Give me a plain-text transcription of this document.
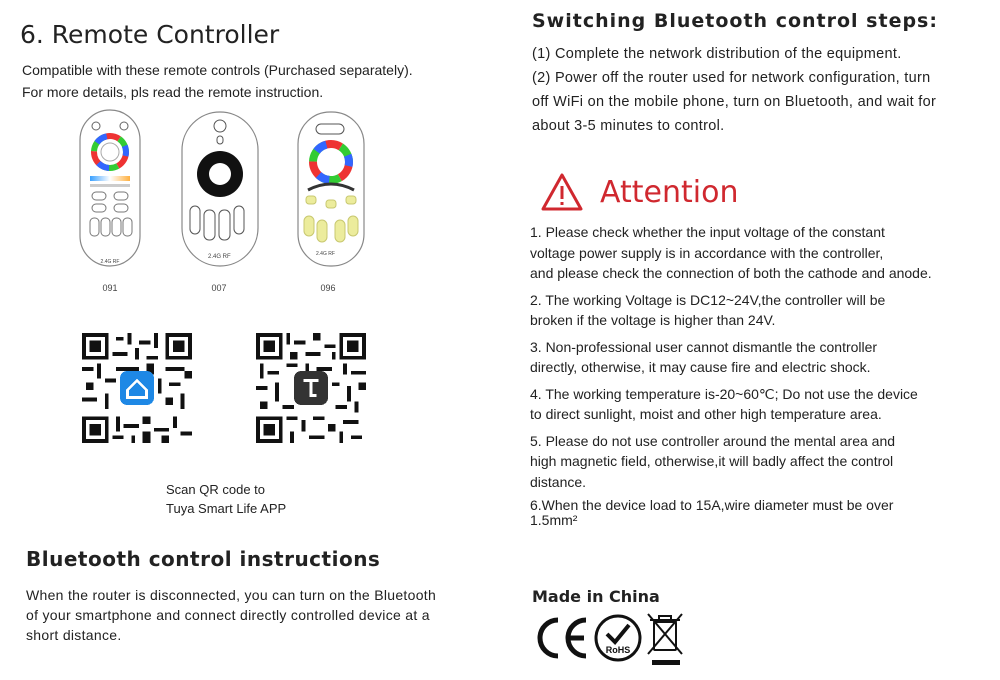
6. Remote Controller
Compatible with these remote controls (Purchased separately).
For more details, pls read the remote instruction.
2.4G RF
091
2.4G RF
007
2.4G RF
096
Scan QR code to
Tuya Smart Life APP
Bluetooth control instructions
When the router is disconnected, you can turn on the Bluetooth
of your smartphone and connect directly controlled device at a
short distance.
Switching Bluetooth control steps:
(1) Complete the network distribution of the equipment.
(2) Power off the router used for network configuration, turn
off WiFi on the mobile phone, turn on Bluetooth, and wait for
about 3-5 minutes to control.
Attention

1. Please check whether the input voltage of the constant
voltage power supply is in accordance with the controller,
and please check the connection of both the cathode and anode.

2. The working Voltage is DC12~24V,the controller will be
broken if the voltage is higher than 24V.

3. Non-professional user cannot dismantle the controller
directly, otherwise, it may cause fire and electric shock.

4. The working temperature is-20~60℃; Do not use the device
to direct sunlight, moist and other high temperature area.

5. Please do not use controller around the mental area and
high magnetic field, otherwise,it will badly affect the control
distance.

6.When the device load to 15A,wire diameter must be over
1.5mm²

Made in China
RoHS
